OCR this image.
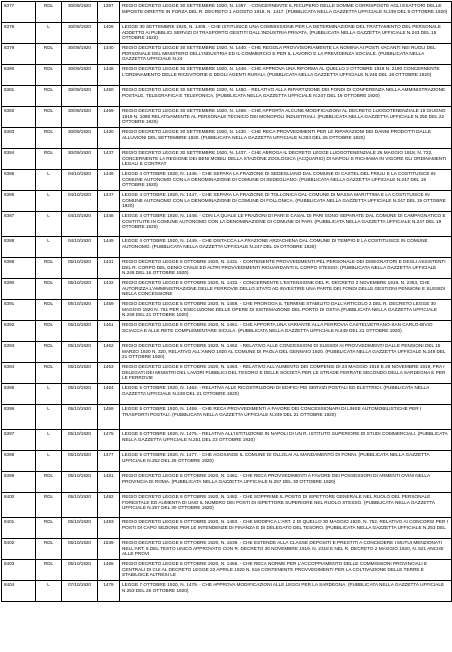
8377	RDL	30/09/1920	1397	REGIO DECRETO LEGGE 30 SETTEMBRE 1920, N. 1397. - CONCERNENTE IL RICUPERO DELLE SOMME CORRISPOSTE AGLI ESATTORI DELLE IMPOSTE DIRETTE IN FORZA DEL R. DECRETO 1 AGOSTO 1919, N. 1417. (PUBBLICATA NELLA GAZZETTA UFFICIALE N.239 DEL 9 OTTOBRE 1920)
8378	L	30/09/1920	1406	LEGGE 30 SETTEMBRE 1920, N. 1406. - CHE ISTITUISCE UNA COMMISSIONE PER LA DETERMINAZIONE DEL TRATTAMENTO DEL PERSONALE ADDETTO AI PUBBLICI SERVIZI DI TRASPORTO GESTITI DALL'INDUSTRIA PRIVATA. (PUBBLICATA NELLA GAZZETTA UFFICIALE N.243 DEL 15 OTTOBRE 1920)
8379	RDL	30/09/1920	1440	REGIO DECRETO LEGGE 30 SETTEMBRE 1920, N. 1440. - CHE REGOLA PROVVISORIAMENTE LA NOMINA AI POSTI VACANTI NEI RUOLI DEL PERSONALE DEL MINISTERO DELL'INDUSTRIA ED IL COMMERCIO E PER IL LAVORO E LA PREVIDENZA SOCIALE. (PUBBLICATA NELLA GAZZETTA UFFICIALE N.24
8380	RDL	30/09/1920	1448	REGIO DECRETO LEGGE 30 SETTEMBRE 1920, N. 1448. - CHE APPROVA UNA RIFORMA AL QUELLO 2 OTTOBRE 1919 N. 2190 CONCERNENTE L'ORDINAMENTO DELLE RICEVITORIE E DEGLI AGENTI RURALI. (PUBBLICATA NELLA GAZZETTA UFFICIALE N.246 DEL 19 OTTOBRE 1920)
8381	RDL	30/09/1920	1450	REGIO DECRETO LEGGE 30 SETTEMBRE 1920, N. 1450. - RELATIVO ALLA RIPARTIZIONE DEI FONDI DI CONFERENZA NELLA AMMINISTRAZIONE POSTALE, TELEGRAFICA E TELEFONICA. (PUBBLICATA NELLA GAZZETTA UFFICIALE N.247 DEL 19 OTTOBRE 1920)
8382	RDL	30/09/1920	1469	REGIO DECRETO LEGGE 30 SETTEMBRE 1920, N. 1469. - CHE APPORTA ALCUNE MODIFICAZIONI AL DECRETO LUOGOTENENZIALE 19 GIUGNO 1919 N. 1088 RELATIVAMENTE AL PERSONALE TECNICO DEI MONOPOLI INDUSTRIALI. (PUBBLICATA NELLA GAZZETTA UFFICIALE N.250 DEL 22 OTTOBRE 1920)
8383	RDL	30/09/1920	1430	REGIO DECRETO LEGGE 30 SETTEMBRE 1920, N. 1430. - CHE RECA PROVVEDIMENTI PER LE RIPARAZIONI DEI DANNI PRODOTTI DALLE ALLUVIONI DEL SETTEMBRE 1920. (PUBBLICATA NELLA GAZZETTA UFFICIALE N.253 DEL 26 OTTOBRE 1920)
8384	RDL	30/09/1920	1437	REGIO DECRETO LEGGE 30 SETTEMBRE 1920, N. 1437. - CHE ABROGA IL DECRETO LEGGE LUOGOTENENZIALE 26 MAGGIO 1918, N. 722, CONCERNENTE LA REGIONE DEI BENI MOBILI DELLA STAZIONE ZOOLOGICA (ACQUARIO) DI NAPOLI E RICHIAMA IN VIGORE GLI ORDINAMENTI LEGALI E CONTRAT
8385	L	04/10/1920	1446	LEGGE 4 OTTOBRE 1920, N. 1446. - CHE SEPARA LA FRAZIONE DI SEDEGLIANO DAL COMUNE DI CASTEL DEL FRIULI E LA COSTITUISCE IN COMUNE AUTONOMO CON LA DENOMINAZIONE DI COMUNE DI SEDEGLIANO. (PUBBLICATA NELLA GAZZETTA UFFICIALE N.247 DEL 19 OTTOBRE 1920)
8386	L	04/10/1920	1447	LEGGE 4 OTTOBRE 1920, N. 1447. - CHE SEPARA LA FRAZIONE DI TOLLONICA DAL COMUNE DI MASSA MARITTIMA E LA COSTITUISCE IN COMUNE AUTONOMO CON LA DENOMINAZIONE DI COMUNE DI FOLLONICA. (PUBBLICATA NELLA GAZZETTA UFFICIALE N.247 DEL 19 OTTOBRE 1920)
8387	L	04/10/1920	1448	LEGGE 4 OTTOBRE 1920, N. 1448. - CON LA QUALE LE FRAZIONI DI PARI E CASAL DI PARI SONO SEPARATE DAL COMUNE DI CAMPAGNATICO E COSTITUITE IN COMUNE AUTONOMO CON LA DENOMINAZIONE DI COMUNE DI PARI. (PUBBLICATA NELLA GAZZETTA UFFICIALE N.247 DEL 19 OTTOBRE 1920)
8388	L	04/10/1920	1449	LEGGE 4 OTTOBRE 1920, N. 1449. - CHE DISTACCA LA FRAZIONE ARZACHENA DAL COMUNE DI TEMPIO E LA COSTITUISCE IN COMUNE AUTONOMO. (PUBBLICATA NELLA GAZZETTA UFFICIALE N.247 DEL 19 OTTOBRE 1920)
8389	RDL	05/10/1920	1431	REGIO DECRETO LEGGE 5 OTTOBRE 1920, N. 1431. - CONTENENTE PROVVEDIMENTI PEL PERSONALE DEI DISEGNATORI E DEGLI ASSISTENTI DEL R. CORPO DEL GENIO CIVILE ED ALTRI PROVVEDIMENTI RIGUARDANTI IL CORPO STESSO. (PUBBLICATA NELLA GAZZETTA UFFICIALE N.248 DEL 16 OTTOBRE 1920)
8390	RDL	05/10/1920	1432	REGIO DECRETO LEGGE 5 OTTOBRE 1920, N. 1432. - CONCERNENTE L'ESTENSIONE DEL R. DECRETO 2 NOVEMBRE 1919, N. 2363, CHE AUTORIZZA L'AMMINISTRAZIONE DELLE FERROVIE DELLO STATO AD INVESTIRE UNA PARTE DEI FONDI DELLE GESTIONI PENSIONI E SUSSIDI NELLA CONCESSIONE
8391	RDL	05/10/1920	1459	REGIO DECRETO LEGGE 5 OTTOBRE 1920, N. 1459. - CHE PROROGA IL TERMINE STABILITO DALL'ARTICOLO 2 DEL R. DECRETO LEGGE 30 MAGGIO 1920 N. 761 PER L'ESECUZIONE DELLE OPERE DI SISTEMAZIONE DEL PORTO DI OSTIA (PUBBLICATA NELLA GAZZETTA UFFICIALE N.249 DEL 21 OTTOBRE 1920)
8392	RDL	05/10/1920	1461	REGIO DECRETO LEGGE 5 OTTOBRE 1920, N. 1461. - CHE APPORTA UNA VARIANTE ALLA FERROVIA CASTELVETRANO-SAN CARLO-BIVIO SCIACCA E ALLE RETE COMPLEMENTARE SICULA. (PUBBLICATA NELLA GAZZETTA UFFICIALE N.249 DEL 21 OTTOBRE 1920)
8393	RDL	05/10/1920	1462	REGIO DECRETO LEGGE 5 OTTOBRE 1920, N. 1462. - RELATIVO ALLE CONCESSIONI DI SUSSIDI AI PROVVEDIMENTI DALLE PENSIONI DEL 15 MARZO 1920 N. 320, RELATIVO ALL'ANNO 1920 AL COMUNE DI PAOLA DEL GENNAIO 1920. (PUBBLICATA NELLA GAZZETTA UFFICIALE N.249 DEL 21 OTTOBRE 1920)
8394	RDL	05/10/1920	1463	REGIO DECRETO LEGGE 5 OTTOBRE 1920, N. 1463. - RELATIVO ALL'AUMENTO DEI COMPENSI DI 23 MAGGIO 1919 E 29 NOVEMBRE 1919, FRA I DELEGATI DEI MINISTRI DEL LAVORI PUBBLICI DEL TESORO E DELLE SOCIETÀ PER LE STRADE FERRATE SECONDO DELLA SARDEGNA E PER LE FERROVIE
8395	L	05/10/1920	1464	LEGGE 5 OTTOBRE 1920, N. 1464. - RELATIVA ALLE RICOSTRUZIONI DI EDIFICI PEI SERVIZI POSTALI ED ELETTRICI. (PUBBLICATA NELLA GAZZETTA UFFICIALE N.249 DEL 21 OTTOBRE 1920)
8396	L	05/10/1920	1459	LEGGE 5 OTTOBRE 1920, N. 1459. - CHE RECA PROVVEDIMENTI A FAVORE DEI CONCESSIONARI DI LINEE AUTOMOBILISTICHE PER I TRASPORTI POSTALI. (PUBBLICATA NELLA GAZZETTA UFFICIALE N.249 DEL 21 OTTOBRE 1920)
8397	L	05/10/1920	1475	LEGGE 5 OTTOBRE 1920, N. 1475. - RELATIVA ALL'ISTITUZIONE IN NAPOLI DI UN R. ISTITUTO SUPERIORE DI STUDI COMMERCIALI. (PUBBLICATA NELLA GAZZETTA UFFICIALE N.251 DEL 23 OTTOBRE 1920)
8398	L	05/10/1920	1477	LEGGE 5 OTTOBRE 1920, N. 1477. - CHE AGGIUNGE IL COMUNE DI OLLOLAI AL MANDAMENTO DI FONNI. (PUBBLICATA NELLA GAZZETTA UFFICIALE N.252 DEL 25 OTTOBRE 1920)
8399	RDL	05/10/1920	1481	REGIO DECRETO LEGGE 5 OTTOBRE 1920, N. 1481. - CHE RECA PROVVEDIMENTI A FAVORE DEI POSSESSORI DI ARMENTI OVINI NELLA PROVINCIA DI ROMA. (PUBBLICATA NELLA GAZZETTA UFFICIALE N.257 DEL 30 OTTOBRE 1920)
8400	RDL	05/10/1920	1482	REGIO DECRETO LEGGE 5 OTTOBRE 1920, N. 1482. - CHE SOPPRIME IL POSTO DI ISPETTORE GENERALE NEL RUOLO DEL PERSONALE FORESTALE ED AUMENTA DI UNO IL NUMERO DEI POSTI DI ISPETTORE SUPERIORE NEL RUOLO STESSO. (PUBBLICATA NELLA GAZZETTA UFFICIALE N.257 DEL 30 OTTOBRE 1920)
8401	RDL	05/10/1920	1483	REGIO DECRETO LEGGE 5 OTTOBRE 1920, N. 1483. - CHE MODIFICA L'ART. 2 DI QUELLO 30 MAGGIO 1920, N. 752, RELATIVO AI CONCORSI PER I POSTI DI CAPO SEZIONE PER LE INTENDENZE DI FINANZA E DI DELEGATO DEL TESORO. (PUBBLICATA NELLA GAZZETTA UFFICIALE N.253 DEL
8402	RDL	05/10/1920	1539	REGIO DECRETO LEGGE 5 OTTOBRE 1920, N. 1539. - CHE ESTENDE ALLA CLASSE DEPOSITI E PRESTITI A CONCEDERE I MUTUI MENZIONATI NELL'ART. 5 DEL TESTO UNICO APPROVATO CON R. DECRETO 30 NOVEMBRE 1919, N. 2318 E NEL R. DECRETO 2 MAGGIO 1920, N. 521 ANCHE ALLE PROVI
8403	RDL	05/10/1920	1465	REGIO DECRETO LEGGE 5 OTTOBRE 1920, N. 1465. - CHE RECA NORME PER L'ACCOPPIAMENTO DELLE COMMISSIONI PROVINCIALI E CENTRALI DI CUI AL DECRETO LEGGE 22 APRILE 1920 N. 516 CONTENENTE PROVVEDIMENTI PER LA COLTIVAZIONE DELLE TERRE E STABILISCE ALTRESI LE
8404	L	07/10/1920	1479	LEGGE 7 OTTOBRE 1920, N. 1479. - CHE APPROVA MODIFICAZIONI ALLE LEGGI PER LA SARDEGNA. (PUBBLICATA NELLA GAZZETTA UFFICIALE N.253 DEL 26 OTTOBRE 1920)
